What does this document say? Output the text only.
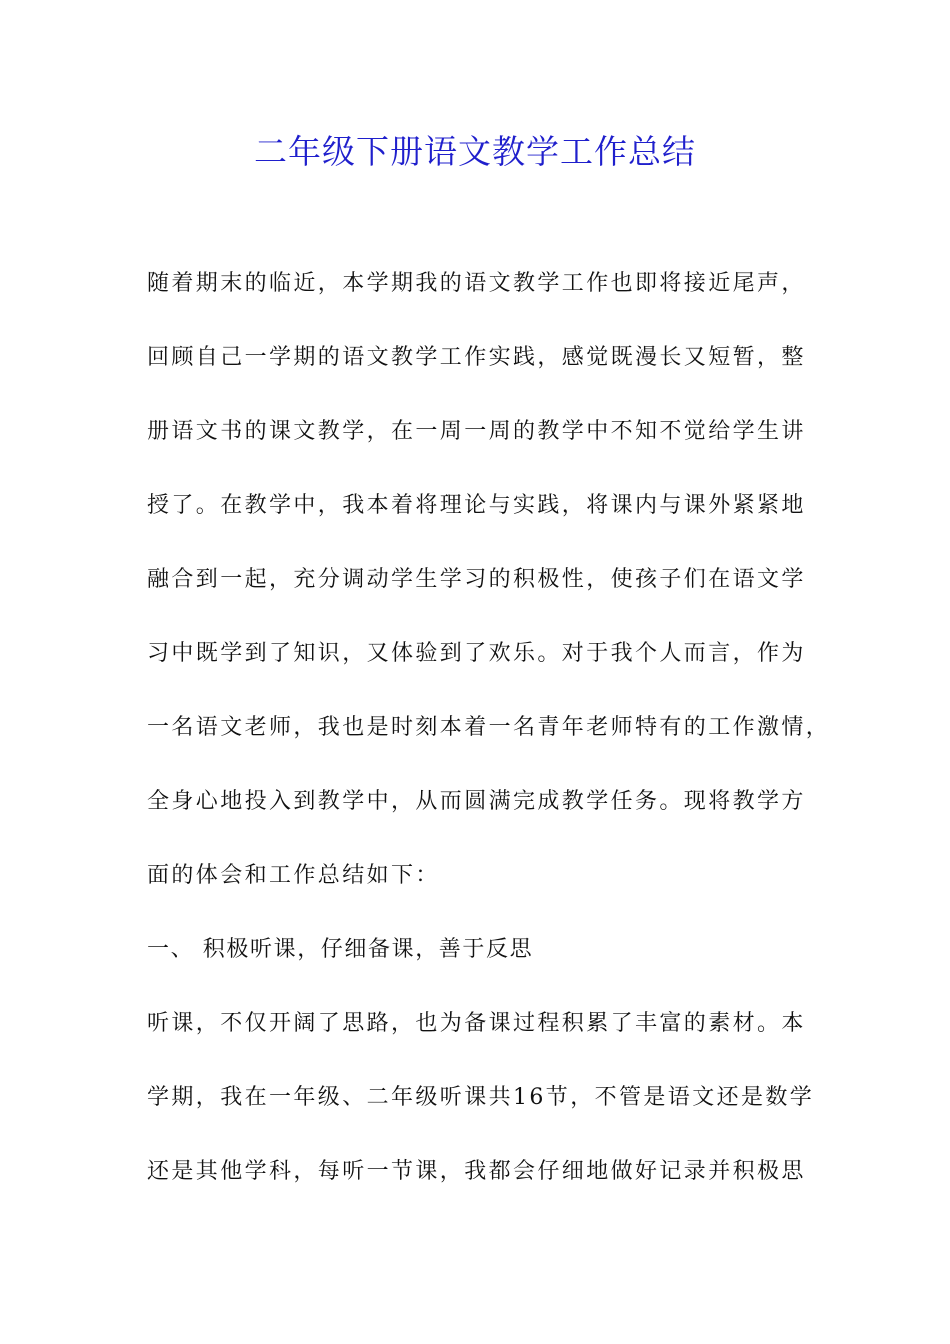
二年级下册语文教学工作总结
随着期末的临近，本学期我的语文教学工作也即将接近尾声，
回顾自己一学期的语文教学工作实践，感觉既漫长又短暂，整
册语文书的课文教学，在一周一周的教学中不知不觉给学生讲
授了。在教学中，我本着将理论与实践，将课内与课外紧紧地
融合到一起，充分调动学生学习的积极性，使孩子们在语文学
习中既学到了知识，又体验到了欢乐。对于我个人而言，作为
一名语文老师，我也是时刻本着一名青年老师特有的工作激情，
全身心地投入到教学中，从而圆满完成教学任务。现将教学方
面的体会和工作总结如下：
一、 积极听课，仔细备课，善于反思
听课，不仅开阔了思路，也为备课过程积累了丰富的素材。本
学期，我在一年级、二年级听课共16节，不管是语文还是数学
还是其他学科，每听一节课，我都会仔细地做好记录并积极思
